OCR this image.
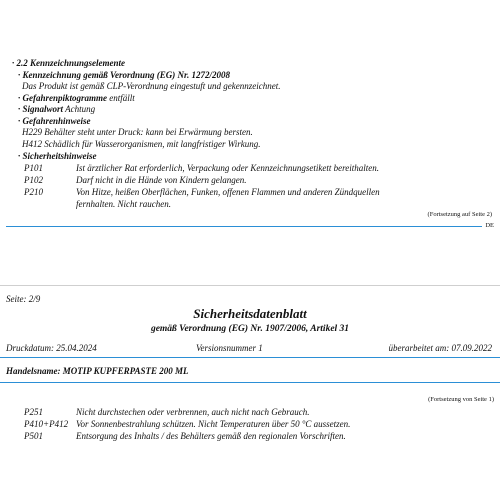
· 2.2 Kennzeichnungselemente
· Kennzeichnung gemäß Verordnung (EG) Nr. 1272/2008
Das Produkt ist gemäß CLP-Verordnung eingestuft und gekennzeichnet.
· Gefahrenpiktogramme entfällt
· Signalwort Achtung
· Gefahrenhinweise
H229 Behälter steht unter Druck: kann bei Erwärmung bersten.
H412 Schädlich für Wasserorganismen, mit langfristiger Wirkung.
· Sicherheitshinweise
P101	Ist ärztlicher Rat erforderlich, Verpackung oder Kennzeichnungsetikett bereithalten.
P102	Darf nicht in die Hände von Kindern gelangen.
P210	Von Hitze, heißen Oberflächen, Funken, offenen Flammen und anderen Zündquellen
fernhalten. Nicht rauchen.
(Fortsetzung auf Seite 2)
DE
Seite: 2/9
Sicherheitsdatenblatt
gemäß Verordnung (EG) Nr. 1907/2006, Artikel 31
Druckdatum: 25.04.2024	Versionsnummer 1	überarbeitet am: 07.09.2022
Handelsname: MOTIP KUPFERPASTE 200 ML
(Fortsetzung von Seite 1)
P251	Nicht durchstechen oder verbrennen, auch nicht nach Gebrauch.
P410+P412 Vor Sonnenbestrahlung schützen. Nicht Temperaturen über 50 °C aussetzen.
P501	Entsorgung des Inhalts / des Behälters gemäß den regionalen Vorschriften.
